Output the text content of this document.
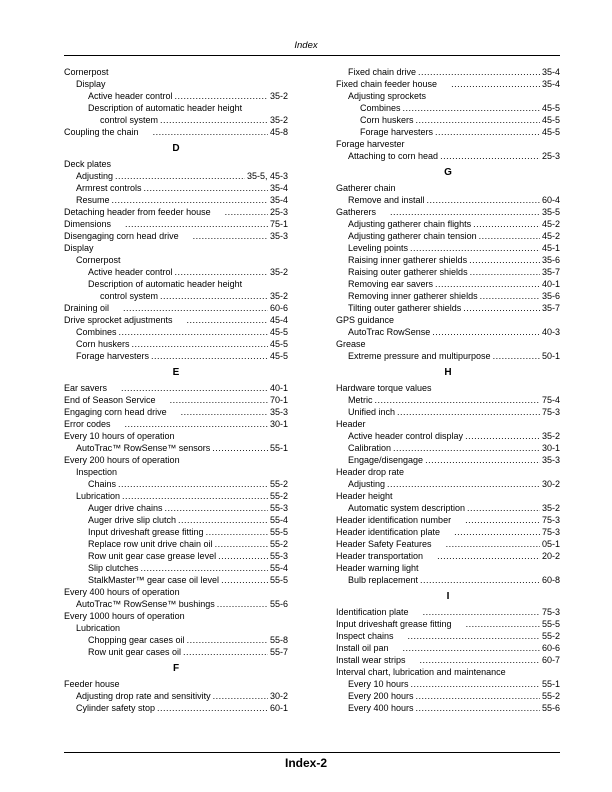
Index
Cornerpost
Display
Active header control .....	35-2
Description of automatic header height
control system .....	35-2
Coupling the chain .....	45-8
D
Deck plates
Adjusting .....	35-5, 45-3
Armrest controls .....	35-4
Resume .....	35-4
Detaching header from feeder house .....	25-3
Dimensions .....	75-1
Disengaging corn head drive .....	35-3
Display
Cornerpost
Active header control .....	35-2
Description of automatic header height
control system .....	35-2
Draining oil .....	60-6
Drive sprocket adjustments .....	45-4
Combines .....	45-5
Corn huskers .....	45-5
Forage harvesters .....	45-5
E
Ear savers .....	40-1
End of Season Service .....	70-1
Engaging corn head drive .....	35-3
Error codes .....	30-1
Every 10 hours of operation
AutoTrac™ RowSense™ sensors .....	55-1
Every 200 hours of operation
Inspection
Chains .....	55-2
Lubrication .....	55-2
Auger drive chains .....	55-3
Auger drive slip clutch .....	55-4
Input driveshaft grease fitting .....	55-5
Replace row unit drive chain oil .....	55-2
Row unit gear case grease level .....	55-3
Slip clutches .....	55-4
StalkMaster™ gear case oil level .....	55-5
Every 400 hours of operation
AutoTrac™ RowSense™ bushings .....	55-6
Every 1000 hours of operation
Lubrication
Chopping gear cases oil .....	55-8
Row unit gear cases oil .....	55-7
F
Feeder house
Adjusting drop rate and sensitivity .....	30-2
Cylinder safety stop .....	60-1
Fixed chain drive .....	35-4
Fixed chain feeder house .....	35-4
Adjusting sprockets
Combines .....	45-5
Corn huskers .....	45-5
Forage harvesters .....	45-5
Forage harvester
Attaching to corn head .....	25-3
G
Gatherer chain
Remove and install .....	60-4
Gatherers .....	35-5
Adjusting gatherer chain flights .....	45-2
Adjusting gatherer chain tension .....	45-2
Leveling points .....	45-1
Raising inner gatherer shields .....	35-6
Raising outer gatherer shields .....	35-7
Removing ear savers .....	40-1
Removing inner gatherer shields .....	35-6
Tilting outer gatherer shields .....	35-7
GPS guidance
AutoTrac RowSense .....	40-3
Grease
Extreme pressure and multipurpose .....	50-1
H
Hardware torque values
Metric .....	75-4
Unified inch .....	75-3
Header
Active header control display .....	35-2
Calibration .....	30-1
Engage/disengage .....	35-3
Header drop rate
Adjusting .....	30-2
Header height
Automatic system description .....	35-2
Header identification number .....	75-3
Header identification plate .....	75-3
Header Safety Features .....	05-1
Header transportation .....	20-2
Header warning light
Bulb replacement .....	60-8
I
Identification plate .....	75-3
Input driveshaft grease fitting .....	55-5
Inspect chains .....	55-2
Install oil pan .....	60-6
Install wear strips .....	60-7
Interval chart, lubrication and maintenance
Every 10 hours .....	55-1
Every 200 hours .....	55-2
Every 400 hours .....	55-6
Index-2
